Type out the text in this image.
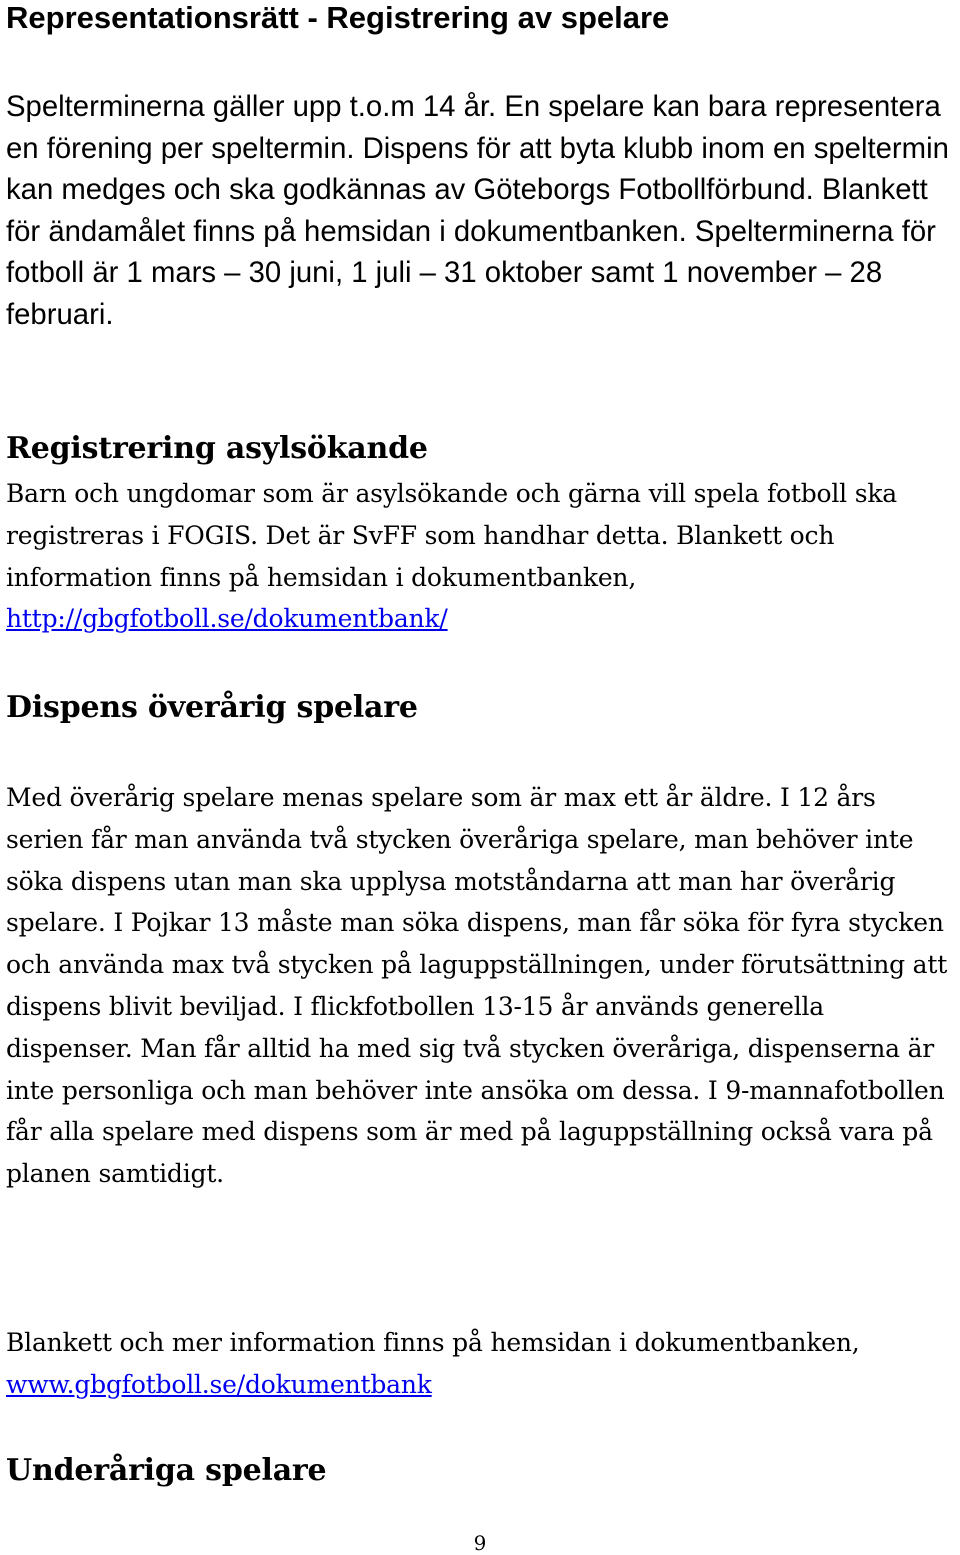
Representationsrätt - Registrering av spelare

Spelterminerna gäller upp t.o.m 14 år. En spelare kan bara representera en förening per speltermin. Dispens för att byta klubb inom en speltermin kan medges och ska godkännas av Göteborgs Fotbollförbund. Blankett för ändamålet finns på hemsidan i dokumentbanken. Spelterminerna för fotboll är 1 mars – 30 juni, 1 juli – 31 oktober samt 1 november – 28 februari.

Registrering asylsökande

Barn och ungdomar som är asylsökande och gärna vill spela fotboll ska registreras i FOGIS. Det är SvFF som handhar detta. Blankett och information finns på hemsidan i dokumentbanken, http://gbgfotboll.se/dokumentbank/

Dispens överårig spelare

Med överårig spelare menas spelare som är max ett år äldre. I 12 års serien får man använda två stycken överåriga spelare, man behöver inte söka dispens utan man ska upplysa motståndarna att man har överårig spelare. I Pojkar 13 måste man söka dispens, man får söka för fyra stycken och använda max två stycken på laguppställningen, under förutsättning att dispens blivit beviljad. I flickfotbollen 13-15 år används generella dispenser. Man får alltid ha med sig två stycken överåriga, dispenserna är inte personliga och man behöver inte ansöka om dessa. I 9-mannafotbollen får alla spelare med dispens som är med på laguppställning också vara på planen samtidigt.

Blankett och mer information finns på hemsidan i dokumentbanken, www.gbgfotboll.se/dokumentbank

Underåriga spelare
9
